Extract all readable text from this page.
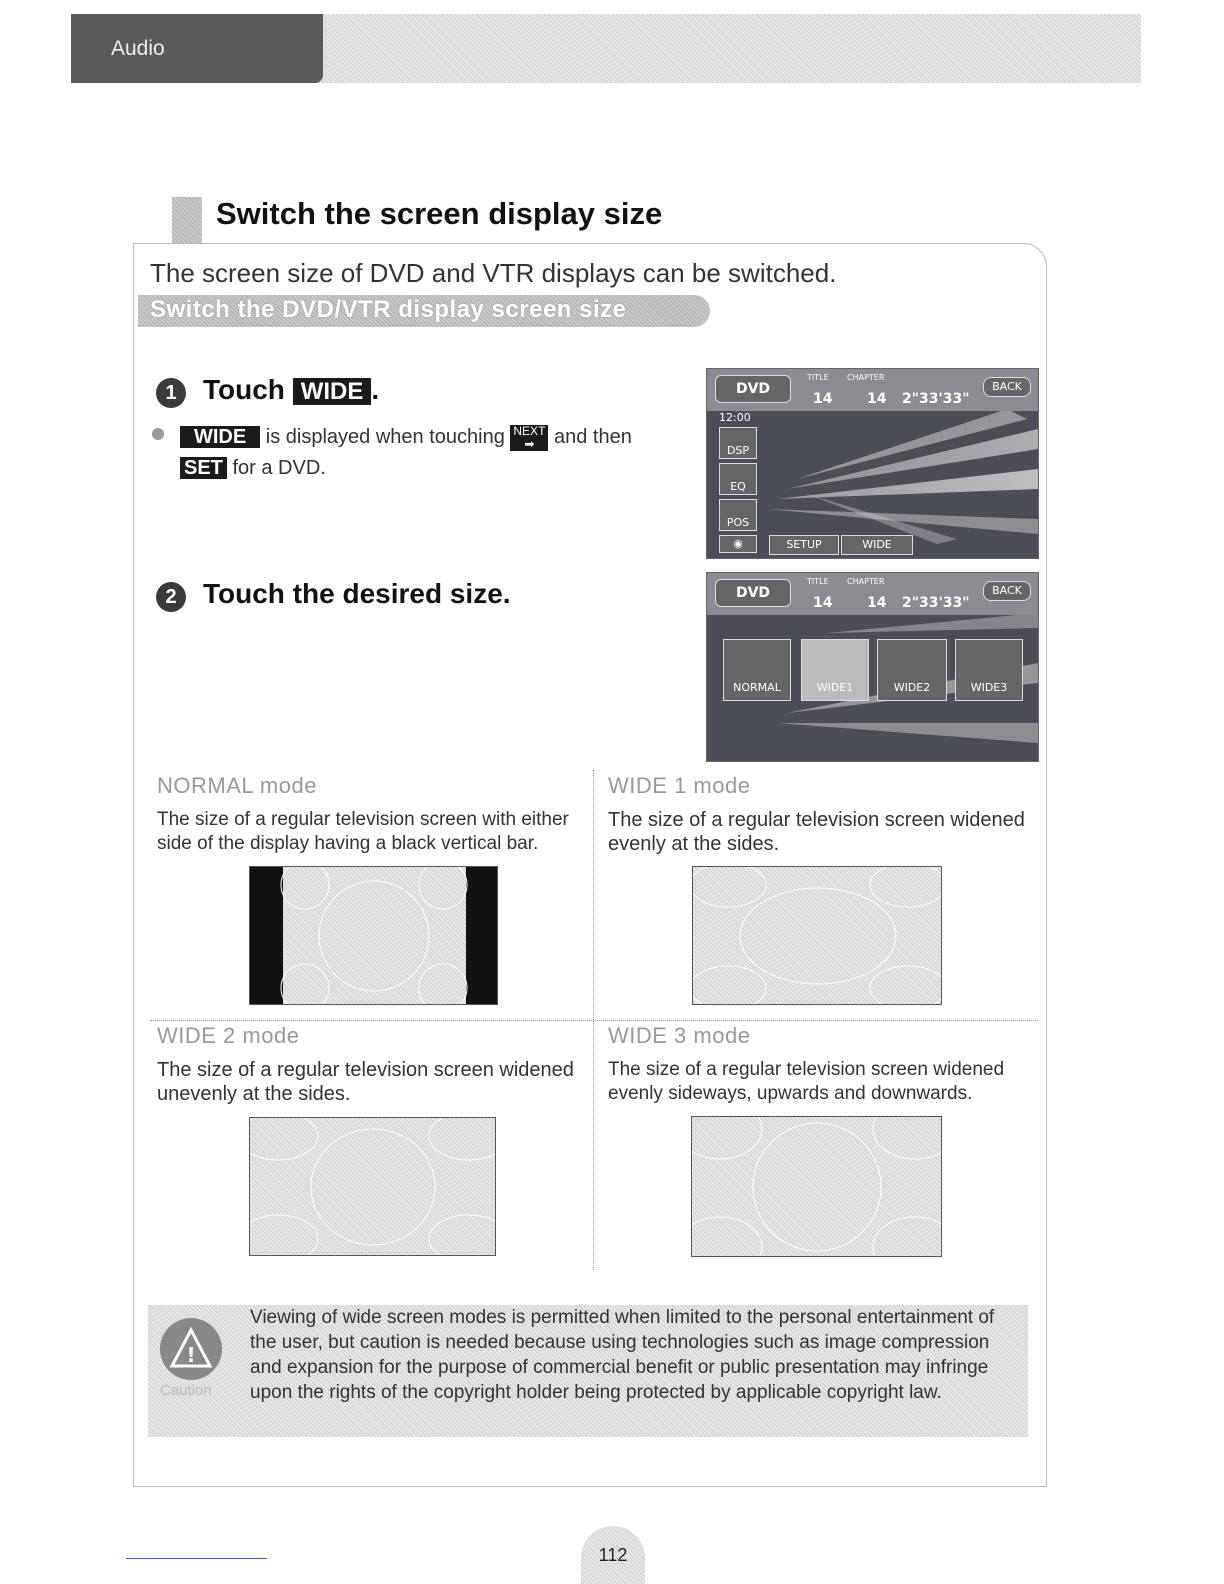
Audio
Switch the screen display size
The screen size of DVD and VTR displays can be switched.
Switch the DVD/VTR display screen size
1 Touch WIDE .
WIDE is displayed when touching NEXT
➡ and then
SET for a DVD.
DVD
TITLE
14
CHAPTER
14 2"33'33"
BACK
12:00
DSP
EQ
POS
◉	SETUP	WIDE
2 Touch the desired size.	DVD
TITLE
14
CHAPTER
14 2"33'33"
BACK
NORMAL	WIDE1	WIDE2	WIDE3
NORMAL mode
The size of a regular television screen with either side of the display having a black vertical bar.
WIDE 1 mode
The size of a regular television screen widened evenly at the sides.
WIDE 2 mode
The size of a regular television screen widened unevenly at the sides.
WIDE 3 mode
The size of a regular television screen widened evenly sideways, upwards and downwards.
!
Caution
Viewing of wide screen modes is permitted when limited to the personal entertainment of the user, but caution is needed because using technologies such as image compression and expansion for the purpose of commercial benefit or public presentation may infringe upon the rights of the copyright holder being protected by applicable copyright law.
112
